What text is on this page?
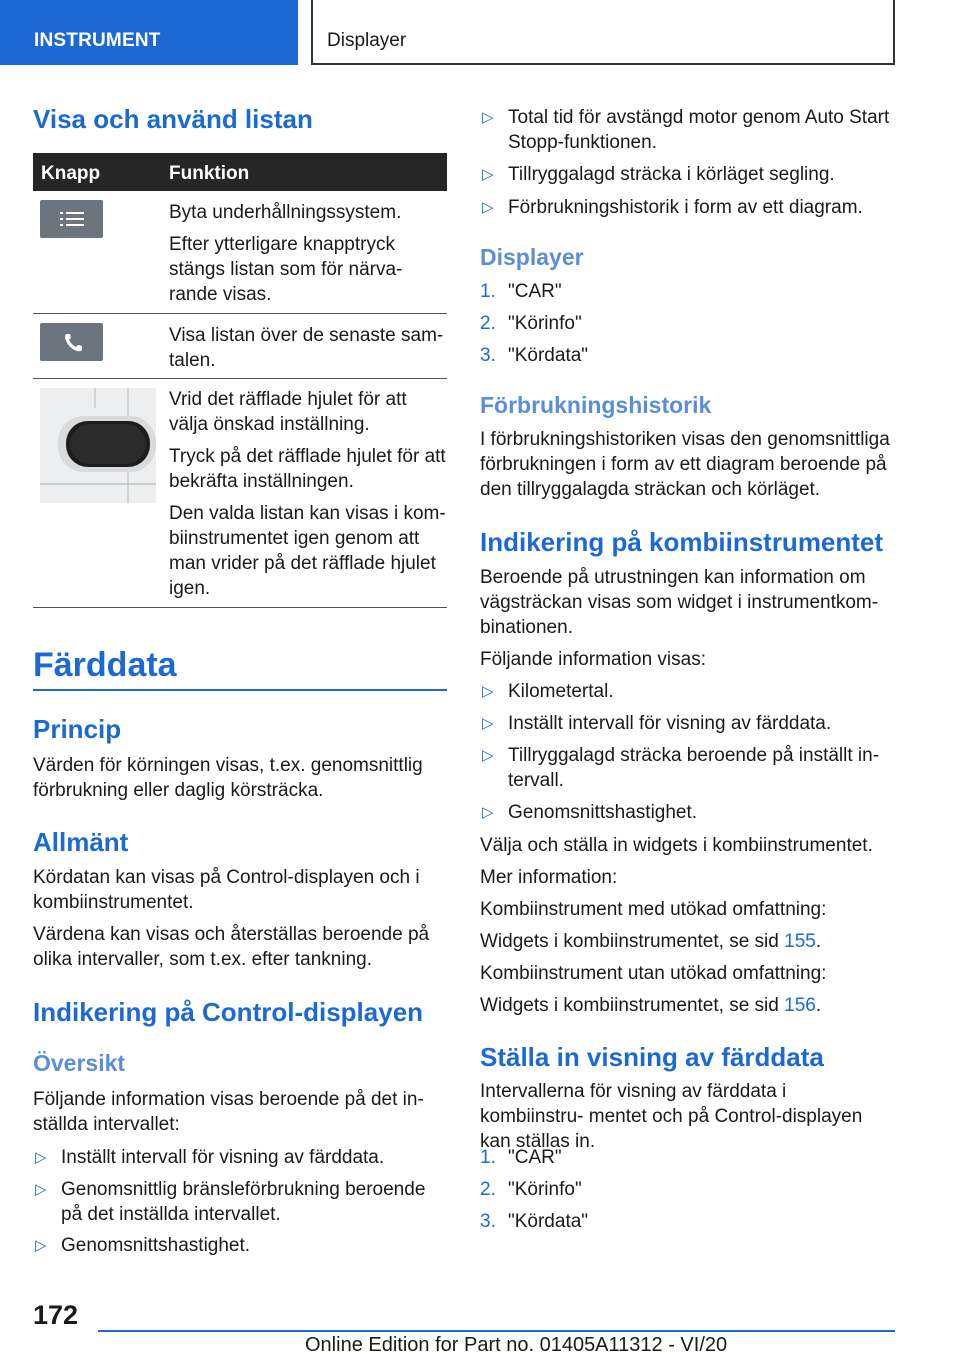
INSTRUMENT	Displayer
Visa och använd listan
Knapp	Funktion
Byta underhållningssystem.
Efter ytterligare knapptryck stängs listan som för närva- rande visas.
Visa listan över de senaste sam- talen.
Vrid det räfflade hjulet för att välja önskad inställning.
Tryck på det räfflade hjulet för att bekräfta inställningen.
Den valda listan kan visas i kom- biinstrumentet igen genom att man vrider på det räfflade hjulet igen.
Färddata
Princip
Värden för körningen visas, t.ex. genomsnittlig förbrukning eller daglig körsträcka.
Allmänt
Kördatan kan visas på Control-displayen och i kombiinstrumentet.
Värdena kan visas och återställas beroende på olika intervaller, som t.ex. efter tankning.
Indikering på Control-displayen
Översikt
Följande information visas beroende på det in- ställda intervallet:
▷ Inställt intervall för visning av färddata.
▷ Genomsnittlig bränsleförbrukning beroende på det inställda intervallet.
▷ Genomsnittshastighet.
▷ Total tid för avstängd motor genom Auto Start Stopp-funktionen.
▷ Tillryggalagd sträcka i körläget segling.
▷ Förbrukningshistorik i form av ett diagram.
Displayer
1. "CAR"
2. "Körinfo"
3. "Kördata"
Förbrukningshistorik
I förbrukningshistoriken visas den genomsnittliga förbrukningen i form av ett diagram beroende på den tillryggalagda sträckan och körläget.
Indikering på kombiinstrumentet
Beroende på utrustningen kan information om vägsträckan visas som widget i instrumentkom- binationen.
Följande information visas:
▷ Kilometertal.
▷ Inställt intervall för visning av färddata.
▷ Tillryggalagd sträcka beroende på inställt in- tervall.
▷ Genomsnittshastighet.
Välja och ställa in widgets i kombiinstrumentet.
Mer information:
Kombiinstrument med utökad omfattning:
Widgets i kombiinstrumentet, se sid 155.
Kombiinstrument utan utökad omfattning:
Widgets i kombiinstrumentet, se sid 156.
Ställa in visning av färddata
Intervallerna för visning av färddata i kombiinstru- mentet och på Control-displayen kan ställas in.
1. "CAR"
2. "Körinfo"
3. "Kördata"
172
Online Edition for Part no. 01405A11312 - VI/20
